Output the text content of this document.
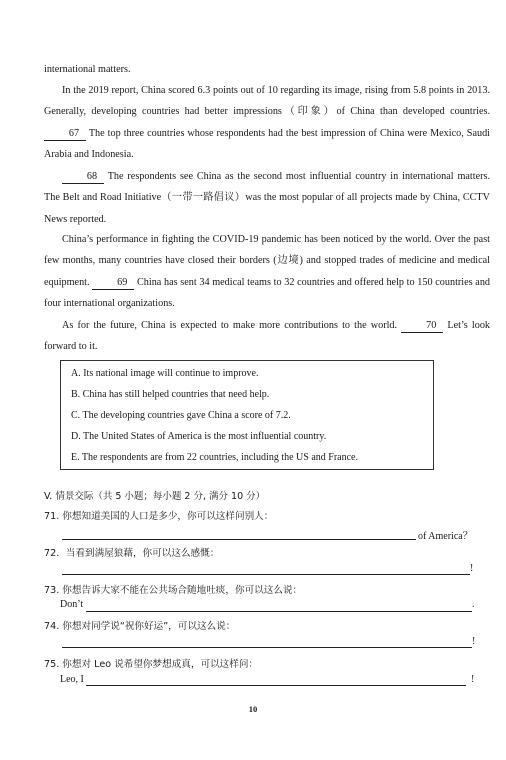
international matters.
In the 2019 report, China scored 6.3 points out of 10 regarding its image, rising from 5.8 points in 2013. Generally, developing countries had better impressions（印象）of China than developed countries. 67 The top three countries whose respondents had the best impression of China were Mexico, Saudi Arabia and Indonesia.
68 The respondents see China as the second most influential country in international matters. The Belt and Road Initiative（一带一路倡议）was the most popular of all projects made by China, CCTV News reported.
China’s performance in fighting the COVID-19 pandemic has been noticed by the world. Over the past few months, many countries have closed their borders (边境) and stopped trades of medicine and medical equipment.	69 China has sent 34 medical teams to 32 countries and offered help to 150 countries and four international organizations.
As for the future, China is expected to make more contributions to the world.	70 Let’s look forward to it.
A. Its national image will continue to improve.
B. China has still helped countries that need help.
C. The developing countries gave China a score of 7.2.
D. The United States of America is the most influential country.
E. The respondents are from 22 countries, including the US and France.
V. 情景交际（共 5 小题；每小题 2 分, 满分 10 分）
71. 你想知道美国的人口是多少，你可以这样问别人：
of America？
72．当看到满屋狼藉，你可以这么感慨：
!
73. 你想告诉大家不能在公共场合随地吐痰，你可以这么说：
Don’t	.
74. 你想对同学说“祝你好运”，可以这么说：
!
75. 你想对 Leo 说希望你梦想成真，可以这样问：
Leo, I	!
10
